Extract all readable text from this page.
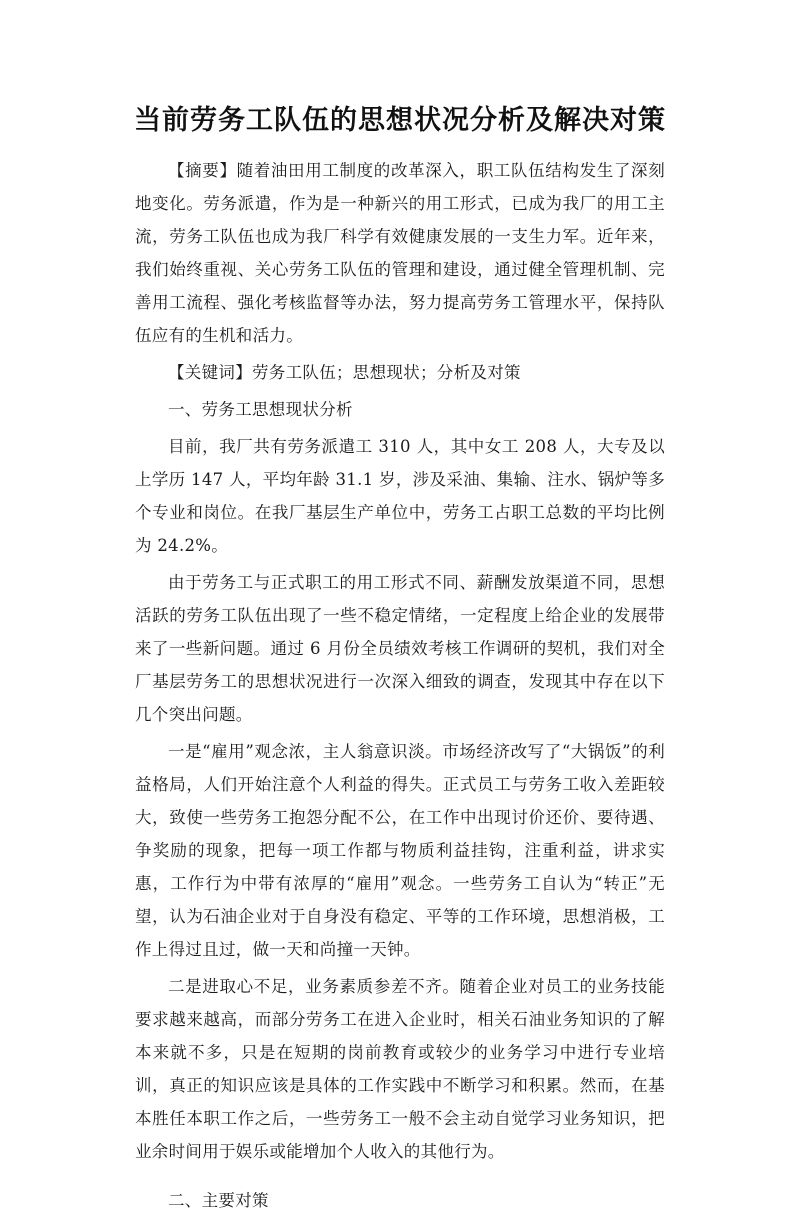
当前劳务工队伍的思想状况分析及解决对策

【摘要】随着油田用工制度的改革深入，职工队伍结构发生了深刻地变化。劳务派遣，作为是一种新兴的用工形式，已成为我厂的用工主流，劳务工队伍也成为我厂科学有效健康发展的一支生力军。近年来，我们始终重视、关心劳务工队伍的管理和建设，通过健全管理机制、完善用工流程、强化考核监督等办法，努力提高劳务工管理水平，保持队伍应有的生机和活力。

【关键词】劳务工队伍；思想现状；分析及对策

一、劳务工思想现状分析

目前，我厂共有劳务派遣工 310 人，其中女工 208 人，大专及以上学历 147 人，平均年龄 31.1 岁，涉及采油、集输、注水、锅炉等多个专业和岗位。在我厂基层生产单位中，劳务工占职工总数的平均比例为 24.2%。

由于劳务工与正式职工的用工形式不同、薪酬发放渠道不同，思想活跃的劳务工队伍出现了一些不稳定情绪，一定程度上给企业的发展带来了一些新问题。通过 6 月份全员绩效考核工作调研的契机，我们对全厂基层劳务工的思想状况进行一次深入细致的调查，发现其中存在以下几个突出问题。

一是“雇用”观念浓，主人翁意识淡。市场经济改写了“大锅饭”的利益格局，人们开始注意个人利益的得失。正式员工与劳务工收入差距较大，致使一些劳务工抱怨分配不公，在工作中出现讨价还价、要待遇、争奖励的现象，把每一项工作都与物质利益挂钩，注重利益，讲求实惠，工作行为中带有浓厚的“雇用”观念。一些劳务工自认为“转正”无望，认为石油企业对于自身没有稳定、平等的工作环境，思想消极，工作上得过且过，做一天和尚撞一天钟。

二是进取心不足，业务素质参差不齐。随着企业对员工的业务技能要求越来越高，而部分劳务工在进入企业时，相关石油业务知识的了解本来就不多，只是在短期的岗前教育或较少的业务学习中进行专业培训，真正的知识应该是具体的工作实践中不断学习和积累。然而，在基本胜任本职工作之后，一些劳务工一般不会主动自觉学习业务知识，把业余时间用于娱乐或能增加个人收入的其他行为。

二、主要对策
